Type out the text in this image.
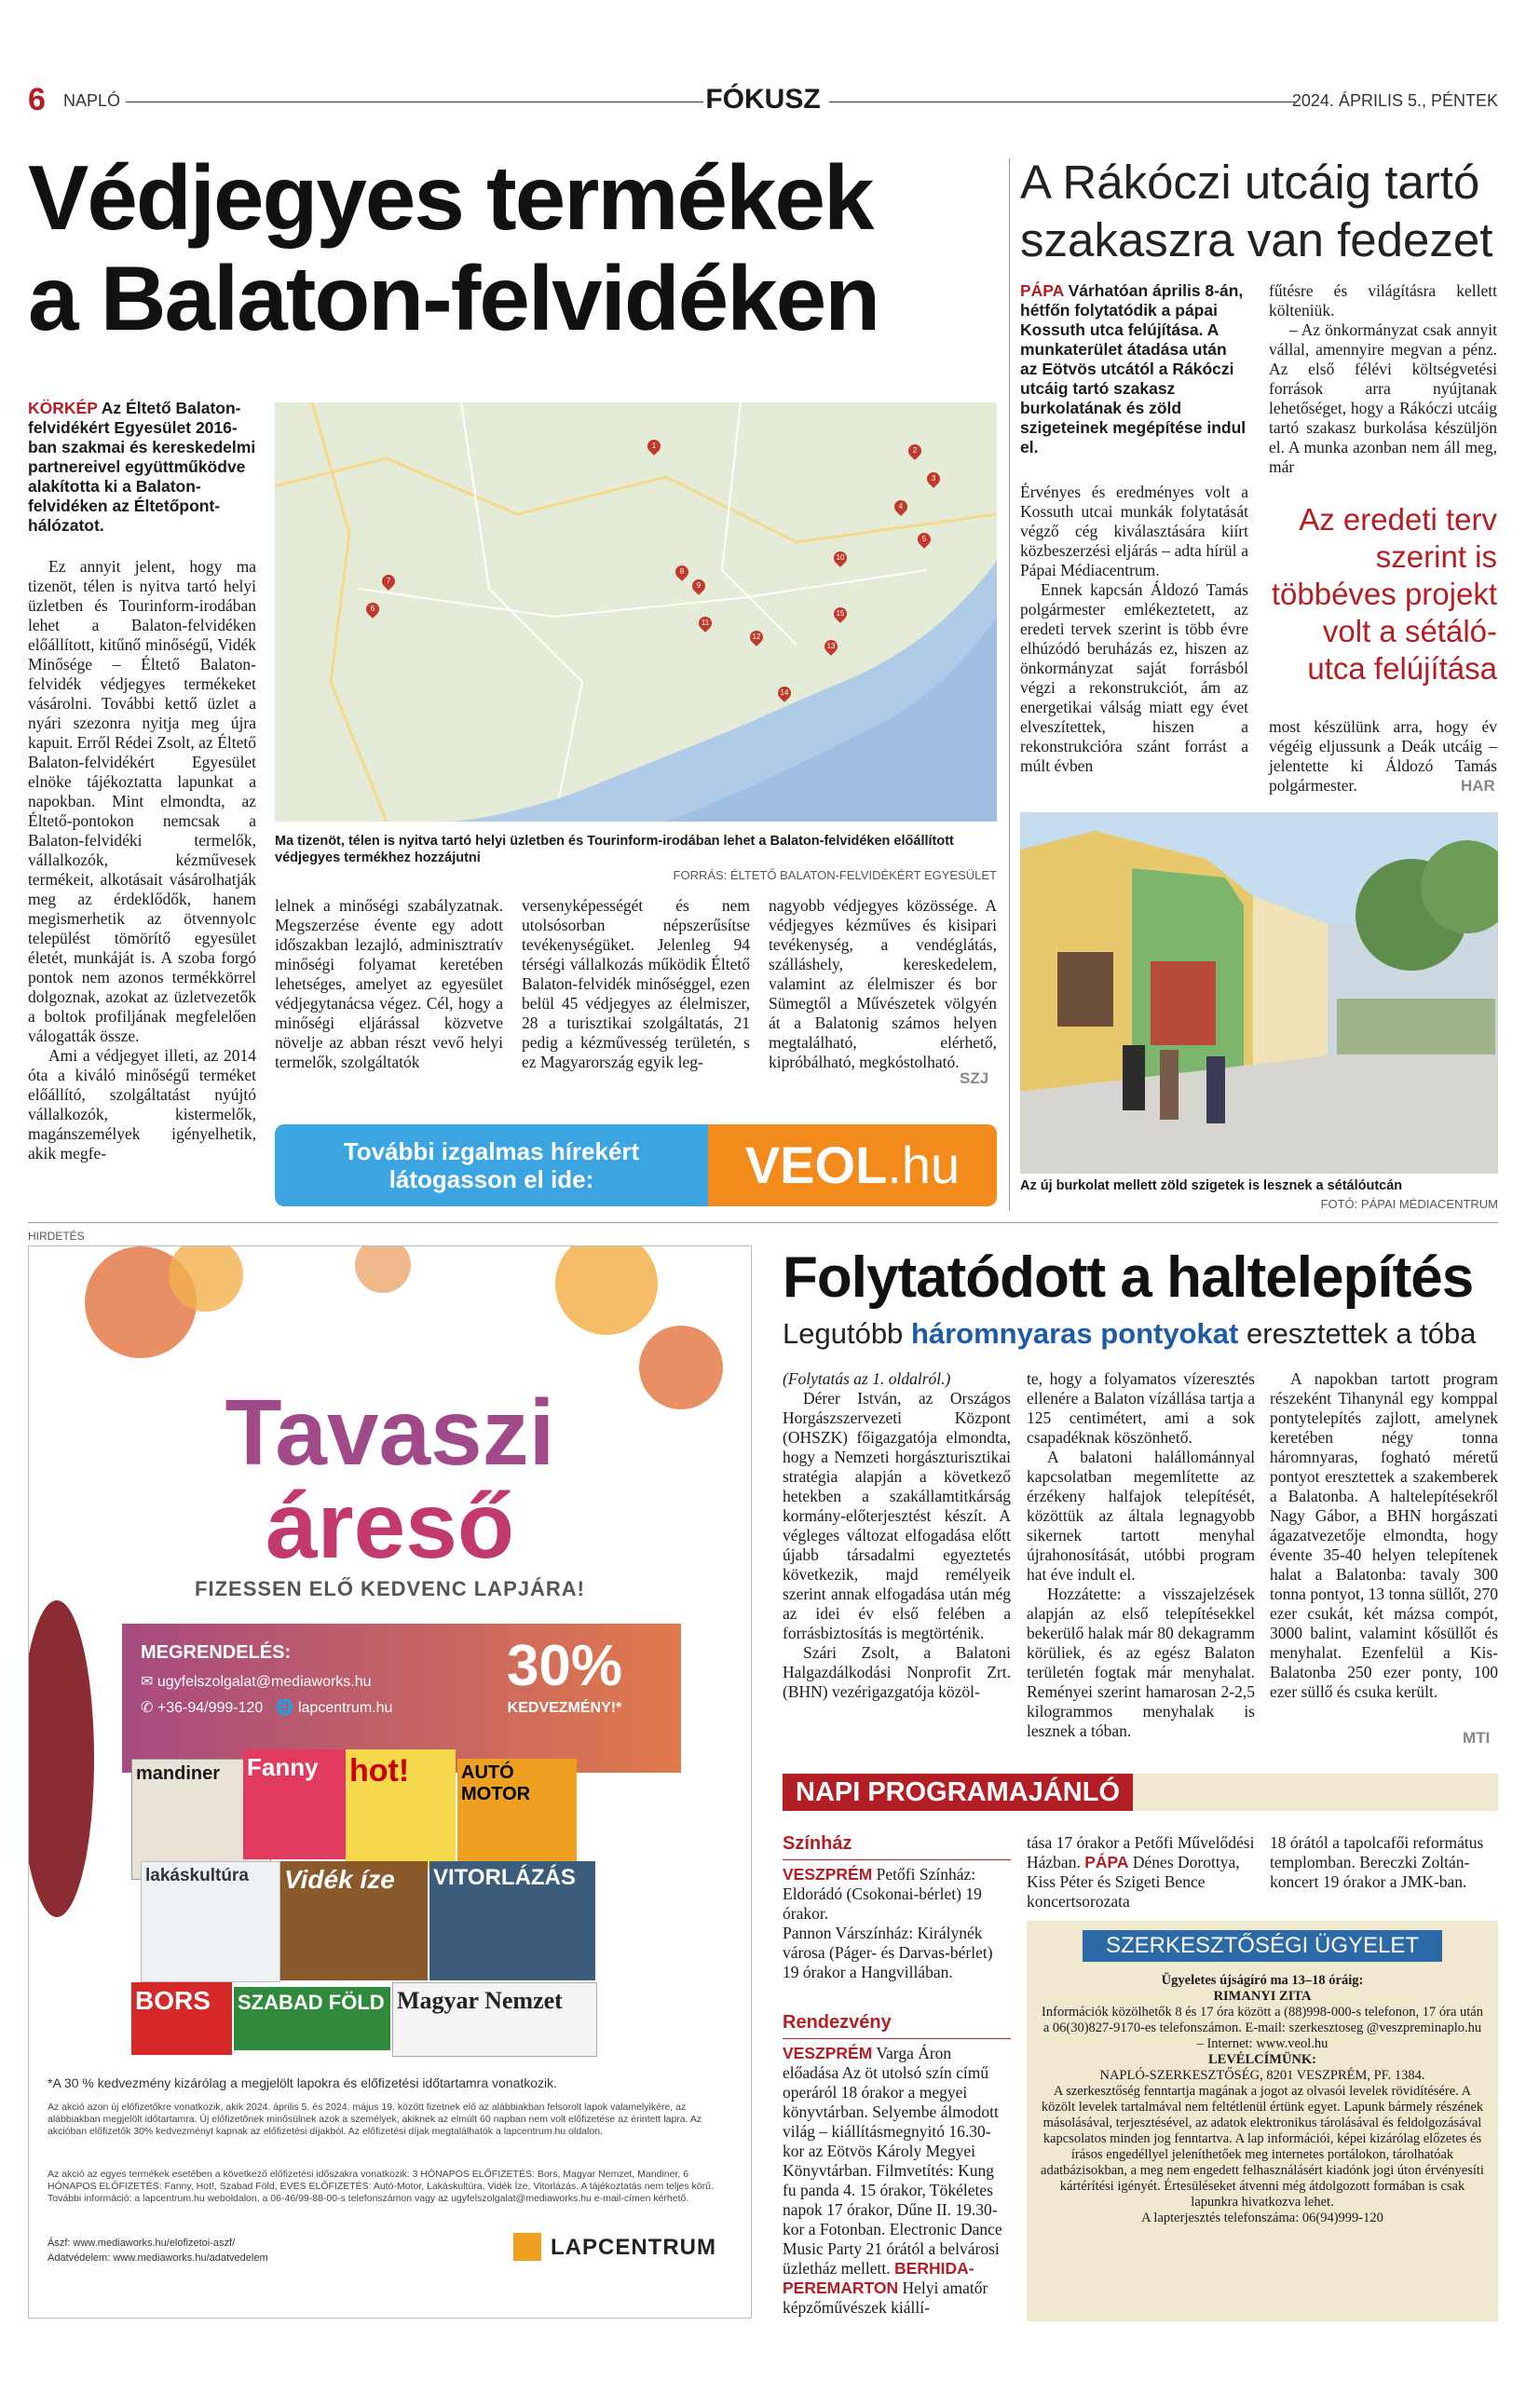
6 NAPLÓ	FÓKUSZ	2024. ÁPRILIS 5., PÉNTEK
Védjegyes termékek
a Balaton-felvidéken
KÖRKÉP Az Éltető Balaton-felvidékért Egyesület 2016-ban szakmai és kereskedelmi partnereivel együttműködve alakította ki a Balaton-felvidéken az Éltetőpont-hálózatot.

Ez annyit jelent, hogy ma tizenöt, télen is nyitva tartó helyi üzletben és Tourinform-irodában lehet a Balaton-felvidéken előállított, kitűnő minőségű, Vidék Minősége – Éltető Balaton-felvidék védjegyes termékeket vásárolni. További kettő üzlet a nyári szezonra nyitja meg újra kapuit. Erről Rédei Zsolt, az Éltető Balaton-felvidékért Egyesület elnöke tájékoztatta lapunkat a napokban. Mint elmondta, az Éltető-pontokon nemcsak a Balaton-felvidéki termelők, vállalkozók, kézművesek termékeit, alkotásait vásárolhatják meg az érdeklődők, hanem megismerhetik az ötvennyolc települést tömörítő egyesület életét, munkáját is. A szoba forgó pontok nem azonos termékkörrel dolgoznak, azokat az üzletvezetők a boltok profiljának megfelelően válogatták össze.

Ami a védjegyet illeti, az 2014 óta a kiváló minőségű terméket előállító, szolgáltatást nyújtó vállalkozók, kistermelők, magánszemélyek igényelhetik, akik megfe-

1
2
3
4
5
6
7
8
9
10
11
12
13
14
15
Ma tizenöt, télen is nyitva tartó helyi üzletben és Tourinform-irodában lehet a Balaton-felvidéken előállított védjegyes termékhez hozzájutni
FORRÁS: ÉLTETŐ BALATON-FELVIDÉKÉRT EGYESÜLET

lelnek a minőségi szabályzatnak. Megszerzése évente egy adott időszakban lezajló, adminisztratív minőségi folyamat keretében lehetséges, amelyet az egyesület védjegytanácsa végez. Cél, hogy a minőségi eljárással közvetve növelje az abban részt vevő helyi termelők, szolgáltatók

versenyképességét és nem utolsósorban népszerűsítse tevékenységüket. Jelenleg 94 térségi vállalkozás működik Éltető Balaton-felvidék minőséggel, ezen belül 45 védjegyes az élelmiszer, 28 a turisztikai szolgáltatás, 21 pedig a kézművesség területén, s ez Magyarország egyik leg-

nagyobb védjegyes közössége. A védjegyes kézműves és kisipari tevékenység, a vendéglátás, szálláshely, kereskedelem, valamint az élelmiszer és bor Sümegtől a Művészetek völgyén át a Balatonig számos helyen megtalálható, elérhető, kipróbálható, megkóstolható.

SZJ
További izgalmas hírekért
látogasson el ide:	VEOL.hu
A Rákóczi utcáig tartó
szakaszra van fedezet
PÁPA Várhatóan április 8-án, hétfőn folytatódik a pápai Kossuth utca felújítása. A munkaterület átadása után az Eötvös utcától a Rákóczi utcáig tartó szakasz burkolatának és zöld szigeteinek megépítése indul el.

Érvényes és eredményes volt a Kossuth utcai munkák folytatását végző cég kiválasztására kiírt közbeszerzési eljárás – adta hírül a Pápai Médiacentrum.

Ennek kapcsán Áldozó Tamás polgármester emlékeztetett, az eredeti tervek szerint is több évre elhúzódó beruházás ez, hiszen az önkormányzat saját forrásból végzi a rekonstrukciót, ám az energetikai válság miatt egy évet elveszítettek, hiszen a rekonstrukcióra szánt forrást a múlt évben

fűtésre és világításra kellett költeniük.

– Az önkormányzat csak annyit vállal, amennyire megvan a pénz. Az első félévi költségvetési források arra nyújtanak lehetőséget, hogy a Rákóczi utcáig tartó szakasz burkolása készüljön el. A munka azonban nem áll meg, már

Az eredeti terv szerint is többéves projekt volt a sétáló-utca felújítása

most készülünk arra, hogy év végéig eljussunk a Deák utcáig – jelentette ki Áldozó Tamás polgármester.	HAR
Az új burkolat mellett zöld szigetek is lesznek a sétálóutcán
FOTÓ: PÁPAI MÉDIACENTRUM
HIRDETÉS
Tavaszi
áreső
FIZESSEN ELŐ KEDVENC LAPJÁRA!
MEGRENDELÉS:
✉ ugyfelszolgalat@mediaworks.hu
✆ +36-94/999-120   🌐 lapcentrum.hu
30%
KEDVEZMÉNY!*
mandiner	Fanny hot!	AUTÓ MOTOR
lakáskultúra	Vidék íze	VITORLÁZÁS
BORS	SZABAD FÖLD Magyar Nemzet
*A 30 % kedvezmény kizárólag a megjelölt lapokra és előfizetési időtartamra vonatkozik.
Az akció azon új előfizetőkre vonatkozik, akik 2024. április 5. és 2024. május 19. között fizetnek elő az alábbiakban felsorolt lapok valamelyikére, az alábbiakban megjelölt időtartamra. Új előfizetőnek minősülnek azok a személyek, akiknek az elmúlt 60 napban nem volt előfizetése az érintett lapra. Az akcióban előfizetők 30% kedvezményt kapnak az előfizetési díjakból. Az előfizetési díjak megtalálhatók a lapcentrum.hu oldalon.
Az akció az egyes termékek esetében a következő előfizetési időszakra vonatkozik: 3 HÓNAPOS ELŐFIZETÉS: Bors, Magyar Nemzet, Mandiner, 6 HÓNAPOS ELŐFIZETÉS: Fanny, Hot!, Szabad Föld, ÉVES ELŐFIZETÉS: Autó-Motor, Lakáskultúra, Vidék Íze, Vitorlázás. A tájékoztatás nem teljes körű. További információ: a lapcentrum.hu weboldalon, a 06-46/99-88-00-s telefonszámon vagy az ugyfelszolgalat@mediaworks.hu e-mail-címen kérhető.
Ászf: www.mediaworks.hu/elofizetoi-aszf/
Adatvédelem: www.mediaworks.hu/adatvedelem	LAPCENTRUM
Folytatódott a haltelepítés
Legutóbb háromnyaras pontyokat eresztettek a tóba

(Folytatás az 1. oldalról.)

Dérer István, az Országos Horgászszervezeti Központ (OHSZK) főigazgatója elmondta, hogy a Nemzeti horgászturisztikai stratégia alapján a következő hetekben a szakállamtitkárság kormány-előterjesztést készít. A végleges változat elfogadása előtt újabb társadalmi egyeztetés következik, majd remélyeik szerint annak elfogadása után még az idei év első felében a forrásbiztosítás is megtörténik.

Szári Zsolt, a Balatoni Halgazdálkodási Nonprofit Zrt. (BHN) vezérigazgatója közöl-

te, hogy a folyamatos vízeresztés ellenére a Balaton vízállása tartja a 125 centimétert, ami a sok csapadéknak köszönhető.

A balatoni halállománnyal kapcsolatban megemlítette az érzékeny halfajok telepítését, közöttük az általa legnagyobb sikernek tartott menyhal újrahonosítását, utóbbi program hat éve indult el.

Hozzátette: a visszajelzések alapján az első telepítésekkel bekerülő halak már 80 dekagramm körüliek, és az egész Balaton területén fogtak már menyhalat. Reményei szerint hamarosan 2-2,5 kilogrammos menyhalak is lesznek a tóban.

A napokban tartott program részeként Tihanynál egy komppal pontytelepítés zajlott, amelynek keretében négy tonna háromnyaras, fogható méretű pontyot eresztettek a szakemberek a Balatonba. A haltelepítésekről Nagy Gábor, a BHN horgászati ágazatvezetője elmondta, hogy évente 35-40 helyen telepítenek halat a Balatonba: tavaly 300 tonna pontyot, 13 tonna süllőt, 270 ezer csukát, két mázsa compót, 3000 balint, valamint kősüllőt és menyhalat. Ezenfelül a Kis-Balatonba 250 ezer ponty, 100 ezer süllő és csuka került.

MTI
NAPI PROGRAMAJÁNLÓ
Színház
VESZPRÉM Petőfi Színház: Eldorádó (Csokonai-bérlet) 19 órakor.
Pannon Várszínház: Királynék városa (Páger- és Darvas-bérlet) 19 órakor a Hangvillában.
Rendezvény
VESZPRÉM Varga Áron előadása Az öt utolsó szín című operáról 18 órakor a megyei könyvtárban. Selyembe álmodott világ – kiállításmegnyitó 16.30-kor az Eötvös Károly Megyei Könyvtárban. Filmvetítés: Kung fu panda 4. 15 órakor, Tökéletes napok 17 órakor, Dűne II. 19.30-kor a Fotonban. Electronic Dance Music Party 21 órától a belvárosi üzletház mellett. BERHIDA-PEREMARTON Helyi amatőr képzőművészek kiállí-
tása 17 órakor a Petőfi Művelődési Házban. PÁPA Dénes Dorottya, Kiss Péter és Szigeti Bence koncertsorozata
18 órától a tapolcafői református templomban. Bereczki Zoltán-koncert 19 órakor a JMK-ban.
SZERKESZTŐSÉGI ÜGYELET
Ügyeletes újságíró ma 13–18 óráig:
RIMANYI ZITA
Információk közölhetők 8 és 17 óra között a (88)998-000-s telefonon, 17 óra után a 06(30)827-9170-es telefonszámon. E-mail: szerkesztoseg @veszpreminaplo.hu – Internet: www.veol.hu
LEVÉLCÍMÜNK:
NAPLÓ-SZERKESZTŐSÉG, 8201 VESZPRÉM, PF. 1384.
A szerkesztőség fenntartja magának a jogot az olvasói levelek rövidítésére. A közölt levelek tartalmával nem feltétlenül értünk egyet. Lapunk bármely részének másolásával, terjesztésével, az adatok elektronikus tárolásával és feldolgozásával kapcsolatos minden jog fenntartva. A lap információi, képei kizárólag előzetes és írásos engedéllyel jeleníthetőek meg internetes portálokon, tárolhatóak adatbázisokban, a meg nem engedett felhasználásért kiadónk jogi úton érvényesíti kártérítési igényét. Értesüléseket átvenni még átdolgozott formában is csak lapunkra hivatkozva lehet.
A lapterjesztés telefonszáma: 06(94)999-120
